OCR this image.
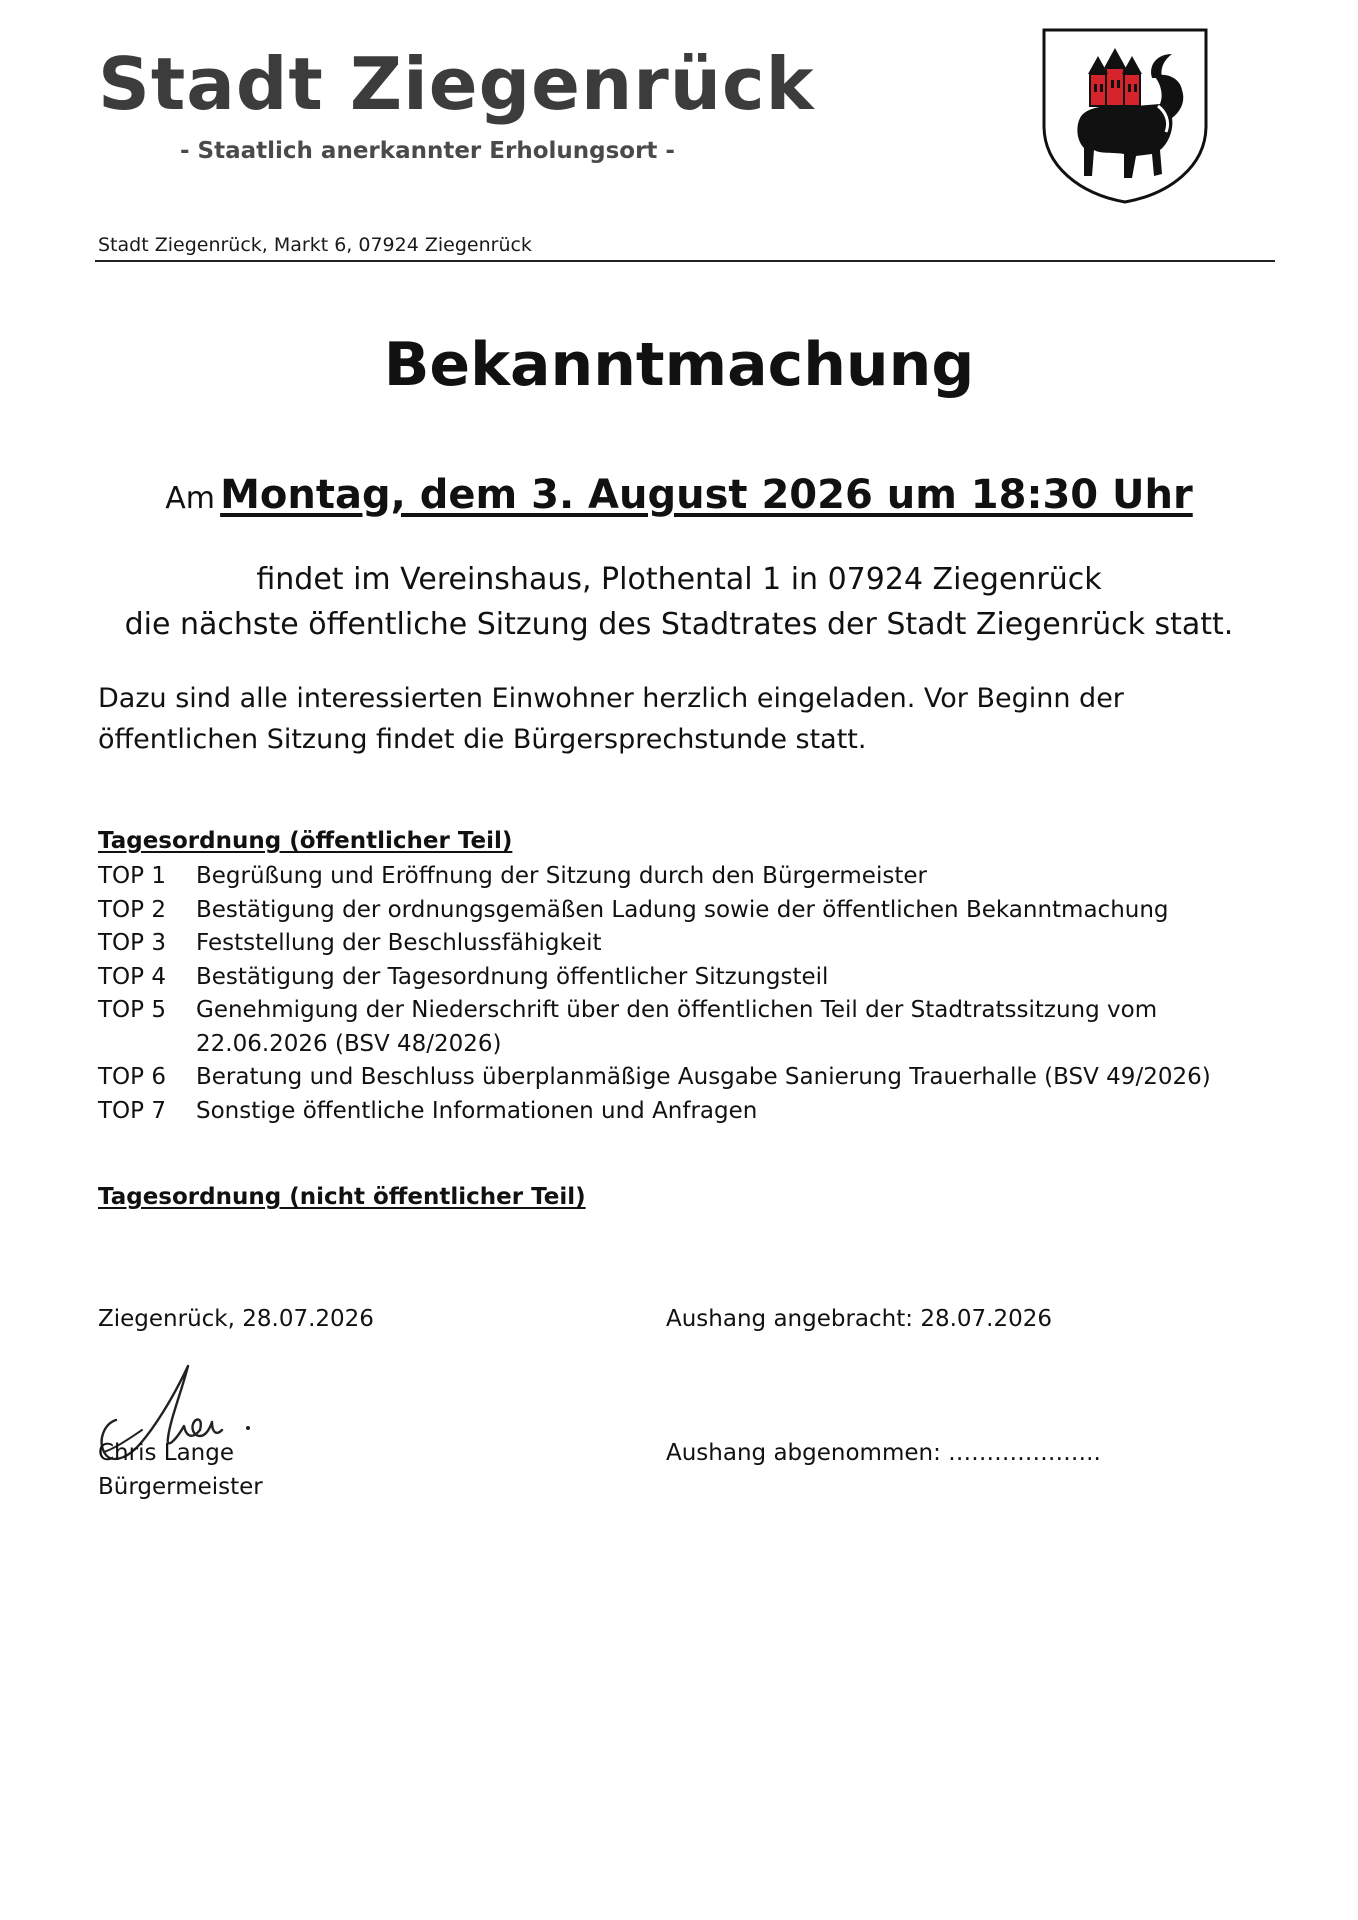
Stadt Ziegenrück
- Staatlich anerkannter Erholungsort -
Stadt Ziegenrück, Markt 6, 07924 Ziegenrück
Bekanntmachung
Am Montag, dem 3. August 2026 um 18:30 Uhr
findet im Vereinshaus, Plothental 1 in 07924 Ziegenrück
die nächste öffentliche Sitzung des Stadtrates der Stadt Ziegenrück statt.
Dazu sind alle interessierten Einwohner herzlich eingeladen. Vor Beginn der öffentlichen Sitzung findet die Bürgersprechstunde statt.
Tagesordnung (öffentlicher Teil)
TOP 1	Begrüßung und Eröffnung der Sitzung durch den Bürgermeister
TOP 2	Bestätigung der ordnungsgemäßen Ladung sowie der öffentlichen Bekanntmachung
TOP 3	Feststellung der Beschlussfähigkeit
TOP 4	Bestätigung der Tagesordnung öffentlicher Sitzungsteil
TOP 5	Genehmigung der Niederschrift über den öffentlichen Teil der Stadtratssitzung vom 22.06.2026 (BSV 48/2026)
TOP 6	Beratung und Beschluss überplanmäßige Ausgabe Sanierung Trauerhalle (BSV 49/2026)
TOP 7	Sonstige öffentliche Informationen und Anfragen
Tagesordnung (nicht öffentlicher Teil)
Ziegenrück, 28.07.2026	Aushang angebracht: 28.07.2026
Chris Lange
Bürgermeister
Aushang abgenommen: ………………..
